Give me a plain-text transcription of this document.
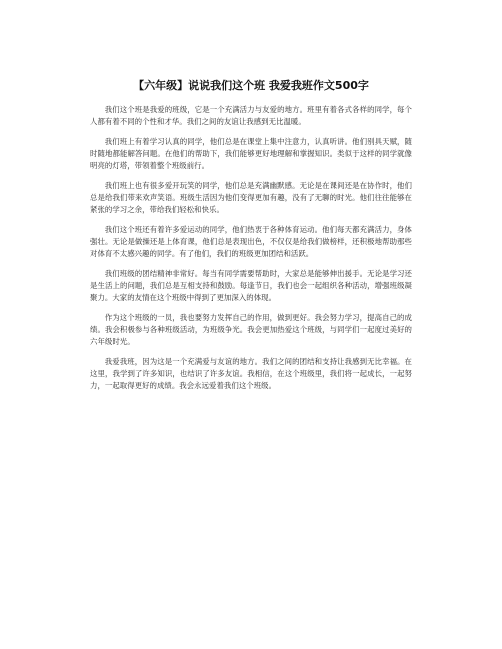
【六年级】说说我们这个班 我爱我班作文500字

我们这个班是我爱的班级，它是一个充满活力与友爱的地方。班里有着各式各样的同学，每个人都有着不同的个性和才华。我们之间的友谊让我感到无比温暖。

我们班上有着学习认真的同学，他们总是在课堂上集中注意力，认真听讲。他们别具天赋，随时随地都能解答问题。在他们的帮助下，我们能够更好地理解和掌握知识。类似于这样的同学就像明亮的灯塔，带领着整个班级前行。

我们班上也有很多爱开玩笑的同学，他们总是充满幽默感。无论是在课间还是在协作时，他们总是给我们带来欢声笑语。班级生活因为他们变得更加有趣，没有了无聊的时光。他们往往能够在紧张的学习之余，带给我们轻松和快乐。

我们这个班还有着许多爱运动的同学，他们热衷于各种体育运动。他们每天都充满活力，身体强壮。无论是做操还是上体育课，他们总是表现出色，不仅仅是给我们做榜样，还积极地帮助那些对体育不太感兴趣的同学。有了他们，我们的班级更加团结和活跃。

我们班级的团结精神非常好。每当有同学需要帮助时，大家总是能够伸出援手。无论是学习还是生活上的问题，我们总是互相支持和鼓励。每逢节日，我们也会一起组织各种活动，增强班级凝聚力。大家的友情在这个班级中得到了更加深入的体现。

作为这个班级的一员，我也要努力发挥自己的作用，做到更好。我会努力学习，提高自己的成绩。我会积极参与各种班级活动，为班级争光。我会更加热爱这个班级，与同学们一起度过美好的六年级时光。

我爱我班，因为这是一个充满爱与友谊的地方。我们之间的团结和支持让我感到无比幸福。在这里，我学到了许多知识，也结识了许多友谊。我相信，在这个班级里，我们将一起成长，一起努力，一起取得更好的成绩。我会永远爱着我们这个班级。
